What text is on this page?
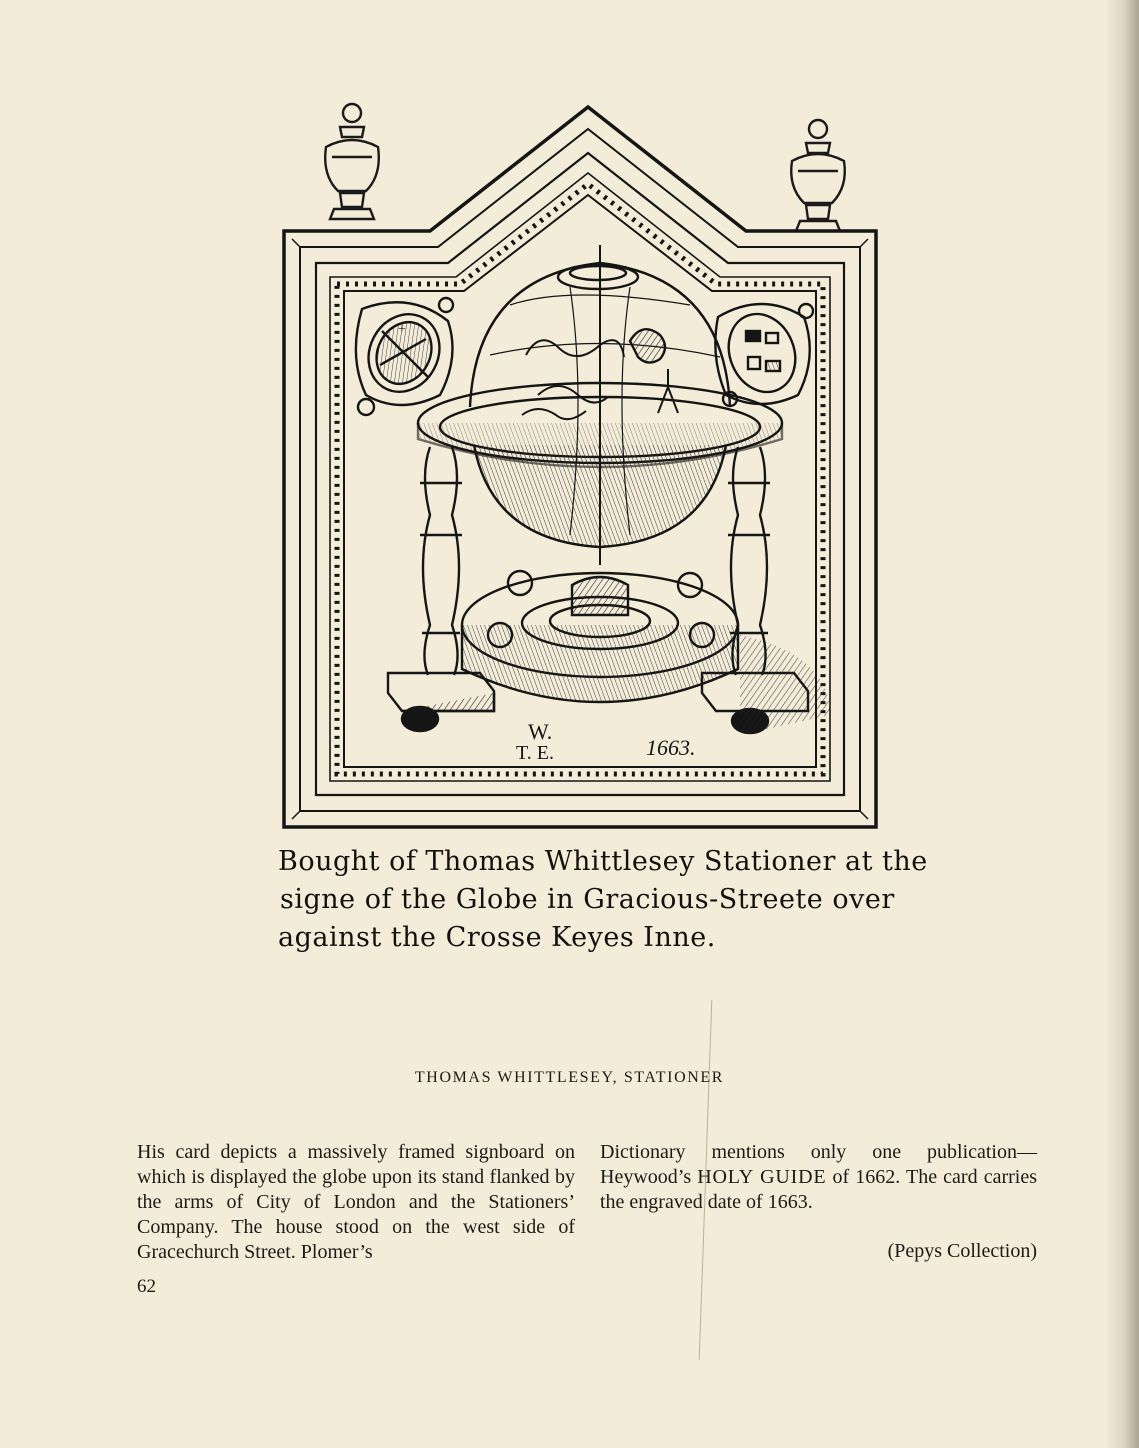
+
W.
T. E.	1663.
Bought of Thomas Whittlesey Stationer at the
signe of the Globe in Gracious-Streete over
against the Crosse Keyes Inne.
THOMAS WHITTLESEY, STATIONER
His card depicts a massively framed signboard on which is displayed the globe upon its stand flanked by the arms of City of London and the Stationers’ Company. The house stood on the west side of Gracechurch Street. Plomer’s
Dictionary mentions only one publication—Heywood’s HOLY GUIDE of 1662. The card carries the engraved date of 1663.
(Pepys Collection)
62
